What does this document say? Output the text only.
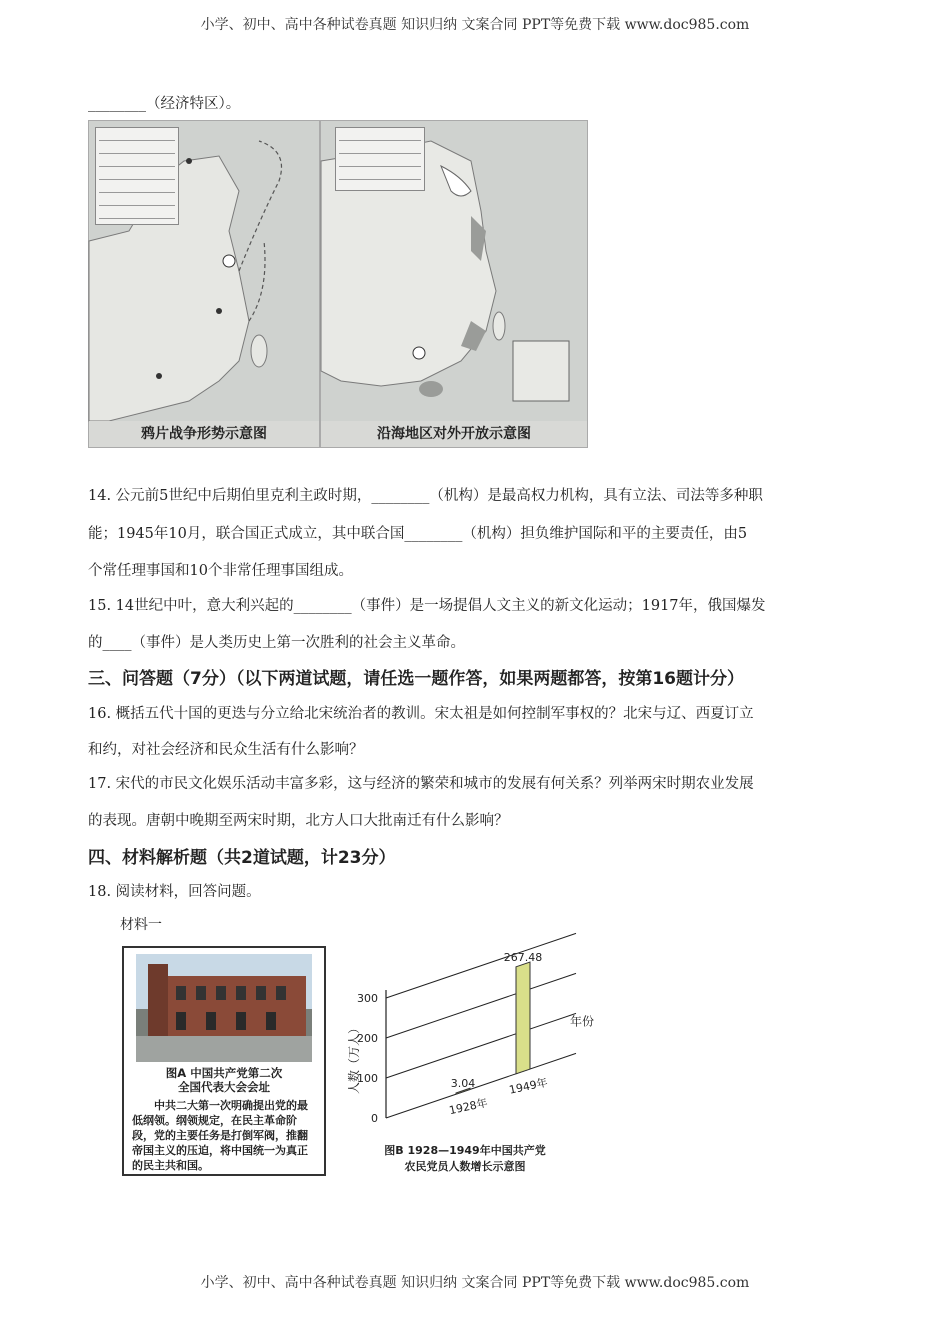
小学、初中、高中各种试卷真题 知识归纳 文案合同 PPT等免费下载 www.doc985.com
________（经济特区）。
鸦片战争形势示意图	沿海地区对外开放示意图
14. 公元前5世纪中后期伯里克利主政时期，________（机构）是最高权力机构，具有立法、司法等多种职
能；1945年10月，联合国正式成立，其中联合国________（机构）担负维护国际和平的主要责任，由5
个常任理事国和10个非常任理事国组成。
15. 14世纪中叶，意大利兴起的________（事件）是一场提倡人文主义的新文化运动；1917年，俄国爆发
的____（事件）是人类历史上第一次胜利的社会主义革命。
三、问答题（7分）（以下两道试题，请任选一题作答，如果两题都答，按第16题计分）
16. 概括五代十国的更迭与分立给北宋统治者的教训。宋太祖是如何控制军事权的？北宋与辽、西夏订立
和约，对社会经济和民众生活有什么影响？
17. 宋代的市民文化娱乐活动丰富多彩，这与经济的繁荣和城市的发展有何关系？列举两宋时期农业发展
的表现。唐朝中晚期至两宋时期，北方人口大批南迁有什么影响？
四、材料解析题（共2道试题，计23分）
18. 阅读材料，回答问题。
材料一
图A 中国共产党第二次
全国代表大会会址
中共二大第一次明确提出党的最低纲领。纲领规定，在民主革命阶段，党的主要任务是打倒军阀，推翻帝国主义的压迫，将中国统一为真正的民主共和国。
0
100
200
300
人数（万人）
年份
3.04
1928年
267.48
1949年
图B 1928—1949年中国共产党
农民党员人数增长示意图
小学、初中、高中各种试卷真题 知识归纳 文案合同 PPT等免费下载 www.doc985.com
